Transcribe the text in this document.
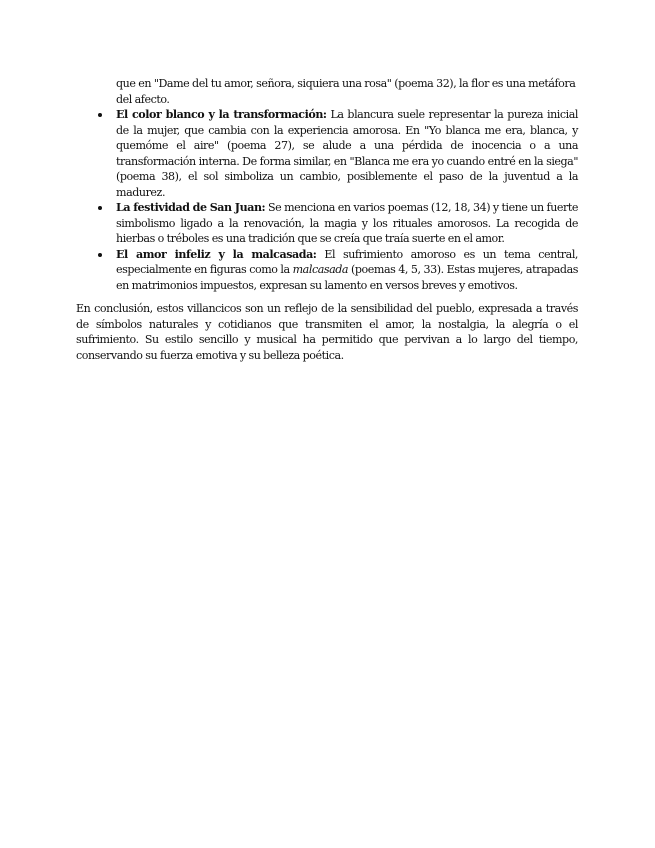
que en "Dame del tu amor, señora, siquiera una rosa" (poema 32), la flor es una metáfora del afecto.

El color blanco y la transformación: La blancura suele representar la pureza inicial de la mujer, que cambia con la experiencia amorosa. En "Yo blanca me era, blanca, y quemóme el aire" (poema 27), se alude a una pérdida de inocencia o a una transformación interna. De forma similar, en "Blanca me era yo cuando entré en la siega" (poema 38), el sol simboliza un cambio, posiblemente el paso de la juventud a la madurez.
La festividad de San Juan: Se menciona en varios poemas (12, 18, 34) y tiene un fuerte simbolismo ligado a la renovación, la magia y los rituales amorosos. La recogida de hierbas o tréboles es una tradición que se creía que traía suerte en el amor.
El amor infeliz y la malcasada: El sufrimiento amoroso es un tema central, especialmente en figuras como la malcasada (poemas 4, 5, 33). Estas mujeres, atrapadas en matrimonios impuestos, expresan su lamento en versos breves y emotivos.

En conclusión, estos villancicos son un reflejo de la sensibilidad del pueblo, expresada a través de símbolos naturales y cotidianos que transmiten el amor, la nostalgia, la alegría o el sufrimiento. Su estilo sencillo y musical ha permitido que pervivan a lo largo del tiempo, conservando su fuerza emotiva y su belleza poética.
